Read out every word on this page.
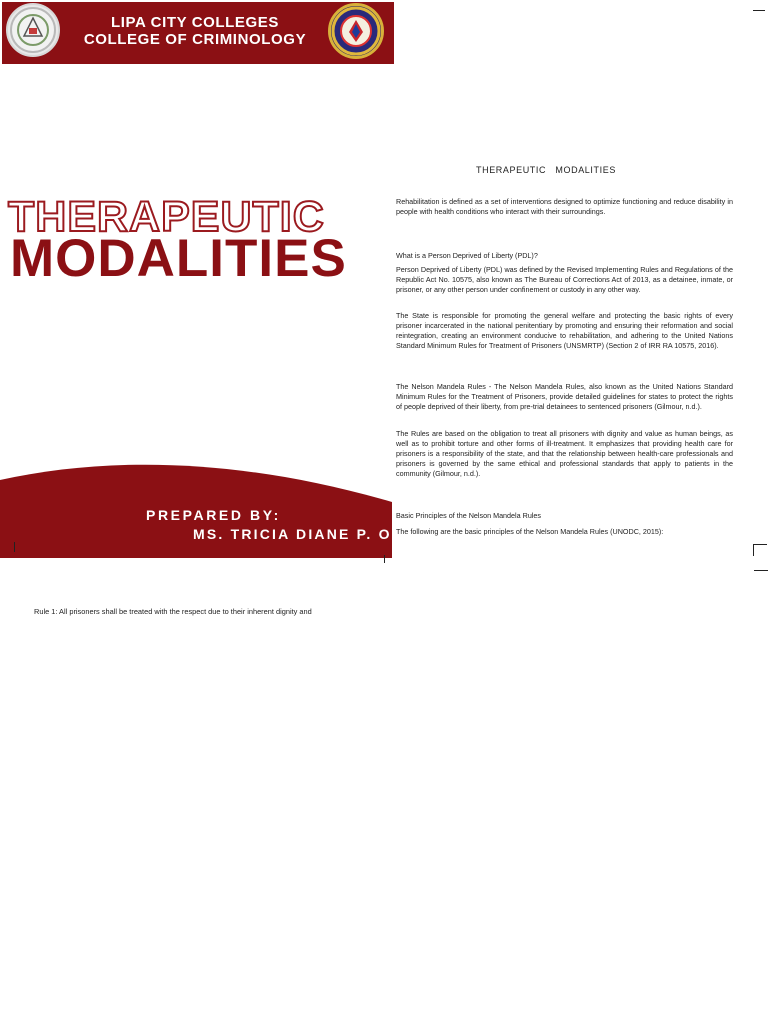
LIPA CITY COLLEGES
COLLEGE OF CRIMINOLOGY
THERAPEUTIC
MODALITIES
PREPARED BY:
MS. TRICIA DIANE P. ONA
THERAPEUTIC   MODALITIES
Rehabilitation is defined as a set of interventions designed to optimize functioning and reduce disability in people with health conditions who interact with their surroundings.
What is a Person Deprived of Liberty (PDL)?
Person Deprived of Liberty (PDL) was defined by the Revised Implementing Rules and Regulations of the Republic Act No. 10575, also known as The Bureau of Corrections Act of 2013, as a detainee, inmate, or prisoner, or any other person under confinement or custody in any other way.
The State is responsible for promoting the general welfare and protecting the basic rights of every prisoner incarcerated in the national penitentiary by promoting and ensuring their reformation and social reintegration, creating an environment conducive to rehabilitation, and adhering to the United Nations Standard Minimum Rules for Treatment of Prisoners (UNSMRTP) (Section 2 of IRR RA 10575, 2016).
The Nelson Mandela Rules - The Nelson Mandela Rules, also known as the United Nations Standard Minimum Rules for the Treatment of Prisoners, provide detailed guidelines for states to protect the rights of people deprived of their liberty, from pre-trial detainees to sentenced prisoners (Gilmour, n.d.).
The Rules are based on the obligation to treat all prisoners with dignity and value as human beings, as well as to prohibit torture and other forms of ill-treatment. It emphasizes that providing health care for prisoners is a responsibility of the state, and that the relationship between health-care professionals and prisoners is governed by the same ethical and professional standards that apply to patients in the community (Gilmour, n.d.).
Basic Principles of the Nelson Mandela Rules
The following are the basic principles of the Nelson Mandela Rules (UNODC, 2015):
Rule 1: All prisoners shall be treated with the respect due to their inherent dignity and
